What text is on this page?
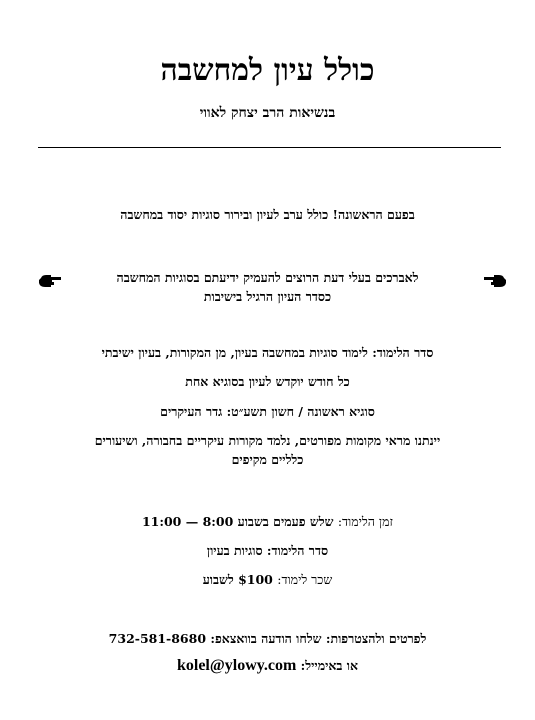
כולל עיון למחשבה
בנשיאות הרב יצחק לאווי
בפעם הראשונה! כולל ערב לעיון ובירור סוגיות יסוד במחשבה
לאברכים בעלי דעת הרוצים להעמיק ידיעתם בסוגיות המחשבה
כסדר העיון הרגיל בישיבות
סדר הלימוד: לימוד סוגיות במחשבה בעיון, מן המקורות, בעיון ישיבתי
כל חודש יוקדש לעיון בסוגיא אחת
סוגיא ראשונה / חשון תשע״ט: גדר העיקרים
יינתנו מראי מקומות מפורטים, נלמד מקורות עיקריים בחבורה, ושיעורים
כלליים מקיפים
זמן הלימוד: שלש פעמים בשבוע 8:00 — 11:00
סדר הלימוד: סוגיות בעיון
שכר לימוד: $100 לשבוע
לפרטים ולהצטרפות: שלחו הודעה בוואצאפ: 732-581-8680
או באימייל: kolel@ylowy.com
